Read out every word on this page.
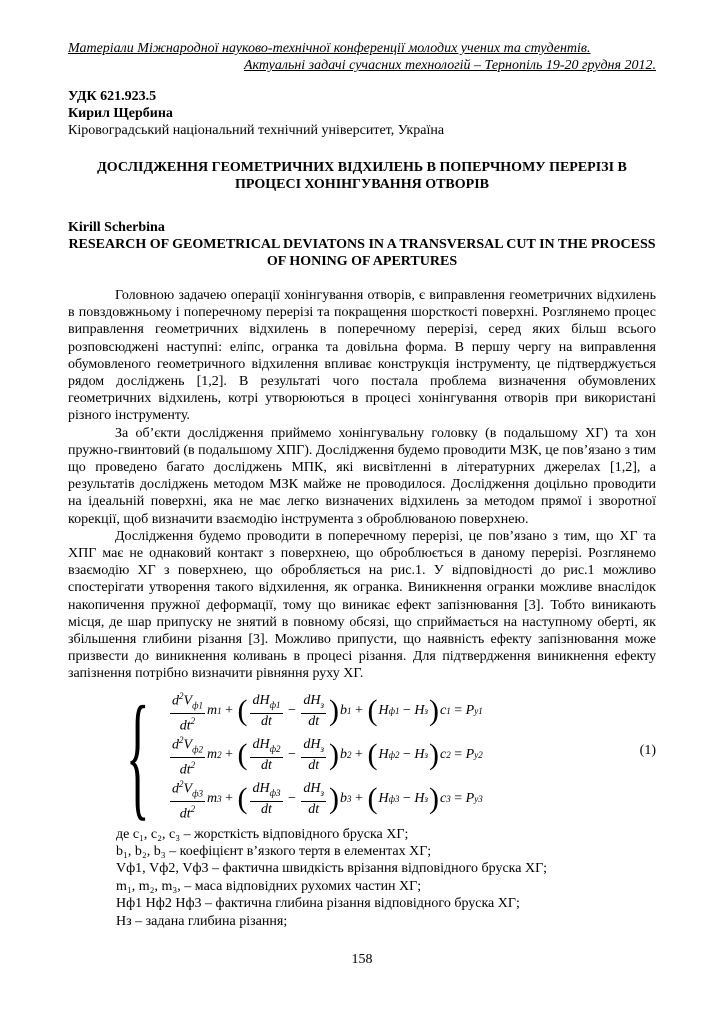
Матеріали Міжнародної науково-технічної конференції молодих учених та студентів.
Актуальні задачі сучасних технологій – Тернопіль 19-20 грудня 2012.
УДК 621.923.5
Кирил Щербина
Кіровоградський національний технічний університет, Україна
ДОСЛІДЖЕННЯ ГЕОМЕТРИЧНИХ ВІДХИЛЕНЬ В ПОПЕРЧНОМУ ПЕРЕРІЗІ В ПРОЦЕСІ ХОНІНГУВАННЯ ОТВОРІВ
Kirill Scherbina
RESEARCH OF GEOMETRICAL DEVIATONS IN A TRANSVERSAL CUT IN THE PROCESS OF HONING OF APERTURES

Головною задачею операції хонінгування отворів, є виправлення геометричних відхилень в повздовжньому і поперечному перерізі та покращення шорсткості поверхні. Розглянемо процес виправлення геометричних відхилень в поперечному перерізі, серед яких більш всього розповсюджені наступні: еліпс, огранка та довільна форма. В першу чергу на виправлення обумовленого геометричного відхилення впливає конструкція інструменту, це підтверджується рядом досліджень [1,2]. В результаті чого постала проблема визначення обумовлених геометричних відхилень, котрі утворюються в процесі хонінгування отворів при використані різного інструменту.

За об’єкти дослідження приймемо хонінгувальну головку (в подальшому ХГ) та хон пружно-гвинтовий (в подальшому ХПГ). Дослідження будемо проводити МЗК, це пов’язано з тим що проведено багато досліджень МПК, які висвітленні в літературних джерелах [1,2], а результатів досліджень методом МЗК майже не проводилося. Дослідження доцільно проводити на ідеальній поверхні, яка не має легко визначених відхилень за методом прямої і зворотної корекції, щоб визначити взаємодію інструмента з оброблюваною поверхнею.

Дослідження будемо проводити в поперечному перерізі, це пов’язано з тим, що ХГ та ХПГ має не однаковий контакт з поверхнею, що оброблюється в даному перерізі. Розглянемо взаємодію ХГ з поверхнею, що обробляється на рис.1. У відповідності до рис.1 можливо спостерігати утворення такого відхилення, як огранка. Виникнення огранки можливе внаслідок накопичення пружної деформації, тому що виникає ефект запізнювання [3]. Тобто виникають місця, де шар припуску не знятий в повному обсязі, що сприймається на наступному оберті, як збільшення глибини різання [3]. Можливо припусти, що наявність ефекту запізнювання може призвести до виникнення коливань в процесі різання. Для підтвердження виникнення ефекту запізнення потрібно визначити рівняння руху ХГ.

{ $\frac{d^2V_{ф1}}{dt^2}$ m 1
+
( $\frac{dH_{ф1}}{dt}$
−
$\frac{dH_з}{dt}$ ) b 1
+
( H ф1
− H з ) c 1
= P у1
$\frac{d^2V_{ф2}}{dt^2}$ m 2
+
( $\frac{dH_{ф2}}{dt}$
−
$\frac{dH_з}{dt}$ ) b 2
+
( H ф2
− H з ) c 2
= P у2
$\frac{d^2V_{ф3}}{dt^2}$ m 3
+
( $\frac{dH_{ф3}}{dt}$
−
$\frac{dH_з}{dt}$ ) b 3
+
( H ф3
− H з ) c 3
= P у3
(1)
де c₁, c₂, c₃ – жорсткість відповідного бруска ХГ;
b₁, b₂, b₃ – коефіцієнт в’язкого тертя в елементах ХГ;
Vф1, Vф2, Vф3 – фактична швидкість врізання відповідного бруска ХГ;
m₁, m₂, m₃, – маса відповідних рухомих частин ХГ;
Hф1 Hф2 Hф3 – фактична глибина різання відповідного бруска ХГ;
Hз – задана глибина різання;
158
